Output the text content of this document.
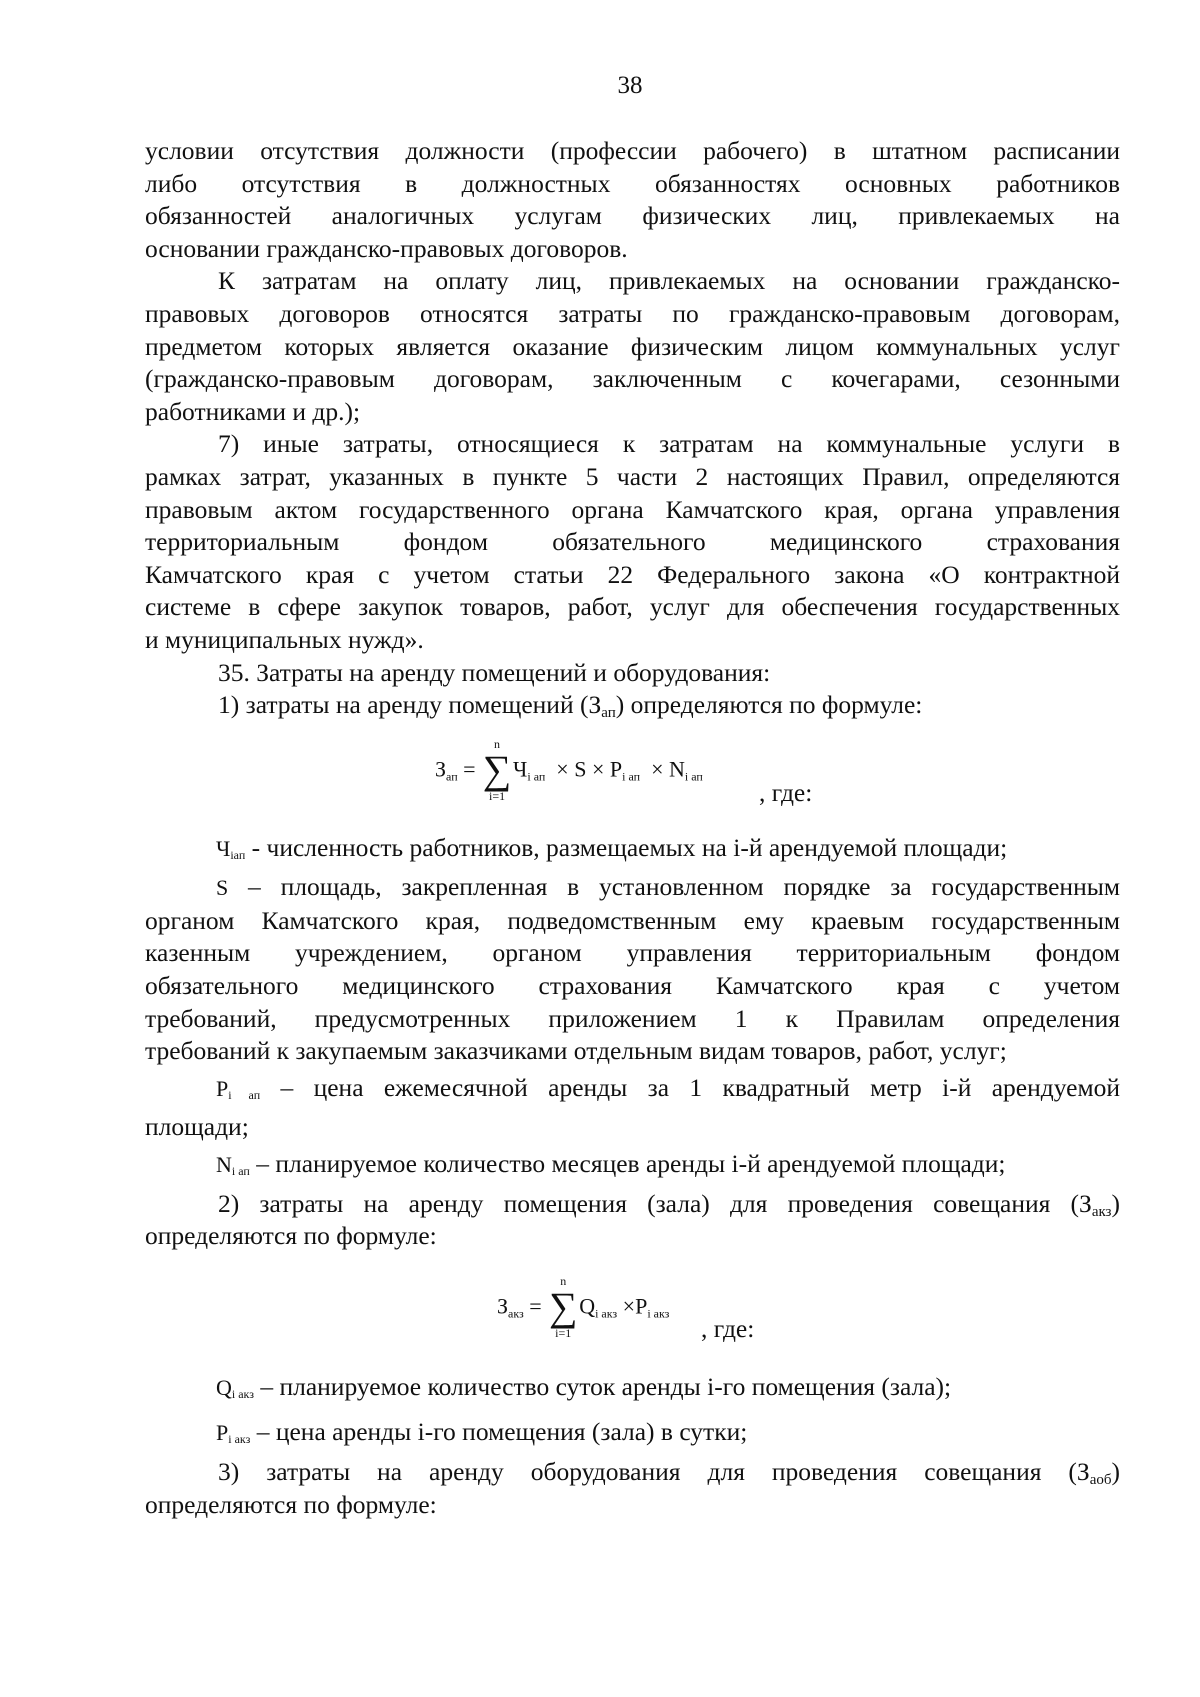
38
условии отсутствия должности (профессии рабочего) в штатном расписании
либо отсутствия в должностных обязанностях основных работников
обязанностей аналогичных услугам физических лиц, привлекаемых на
основании гражданско-правовых договоров.
К затратам на оплату лиц, привлекаемых на основании гражданско-
правовых договоров относятся затраты по гражданско-правовым договорам,
предметом которых является оказание физическим лицом коммунальных услуг
(гражданско-правовым договорам, заключенным с кочегарами, сезонными
работниками и др.);
7) иные затраты, относящиеся к затратам на коммунальные услуги в
рамках затрат, указанных в пункте 5 части 2 настоящих Правил, определяются
правовым актом государственного органа Камчатского края, органа управления
территориальным фондом обязательного медицинского страхования
Камчатского края с учетом статьи 22 Федерального закона «О контрактной
системе в сфере закупок товаров, работ, услуг для обеспечения государственных
и муниципальных нужд».
35. Затраты на аренду помещений и оборудования:
1) затраты на аренду помещений $(З_{ап})$ определяются по формуле:
Зап =
n
∑
i=1
Чi ап × S × Pi ап × Ni ап
, где:
Чiап - численность работников, размещаемых на i-й арендуемой площади;
S – площадь, закрепленная в установленном порядке за государственным
органом Камчатского края, подведомственным ему краевым государственным
казенным учреждением, органом управления территориальным фондом
обязательного медицинского страхования Камчатского края с учетом
требований, предусмотренных приложением 1 к Правилам определения
требований к закупаемым заказчиками отдельным видам товаров, работ, услуг;
Pi ап – цена ежемесячной аренды за 1 квадратный метр i-й арендуемой
площади;
Ni ап – планируемое количество месяцев аренды i-й арендуемой площади;
2) затраты на аренду помещения (зала) для проведения совещания $(З_{акз})$
определяются по формуле:
Закз =
n
∑
i=1
Qi акз ×Pi акз
, где:
Qi акз – планируемое количество суток аренды i-го помещения (зала);
Pi акз – цена аренды i-го помещения (зала) в сутки;
3) затраты на аренду оборудования для проведения совещания $(З_{аоб})$
определяются по формуле:
